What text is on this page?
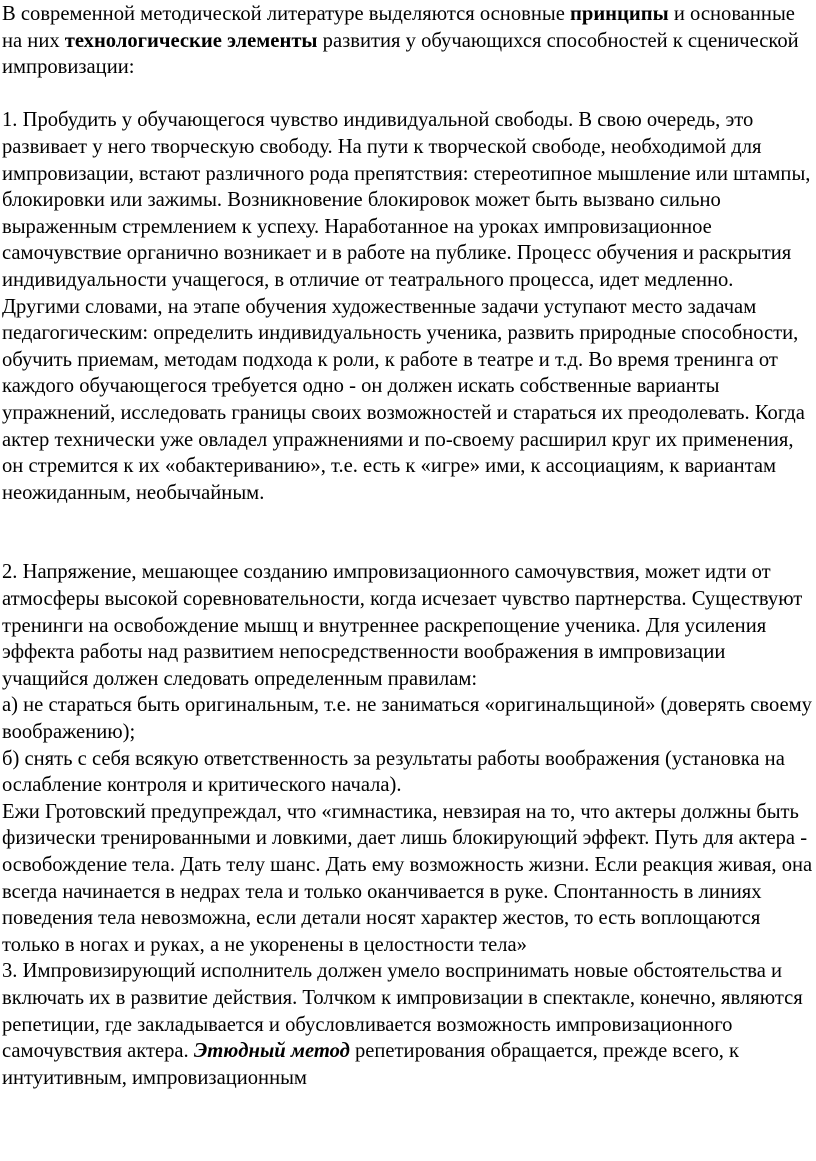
В современной методической литературе выделяются основные принципы и основанные на них технологические элементы развития у обучающихся способностей к сценической импровизации:

1. Пробудить у обучающегося чувство индивидуальной свободы. В свою очередь, это развивает у него творческую свободу. На пути к творческой свободе, необходимой для импровизации, встают различного рода препятствия: стереотипное мышление или штампы, блокировки или зажимы. Возникновение блокировок может быть вызвано сильно выраженным стремлением к успеху. Наработанное на уроках импровизационное самочувствие органично возникает и в работе на публике. Процесс обучения и раскрытия индивидуальности учащегося, в отличие от театрального процесса, идет медленно. Другими словами, на этапе обучения художественные задачи уступают место задачам педагогическим: определить индивидуальность ученика, развить природные способности, обучить приемам, методам подхода к роли, к работе в театре и т.д. Во время тренинга от каждого обучающегося требуется одно - он должен искать собственные варианты упражнений, исследовать границы своих возможностей и стараться их преодолевать. Когда актер технически уже овладел упражнениями и по-своему расширил круг их применения, он стремится к их «обактериванию», т.е. есть к «игре» ими, к ассоциациям, к вариантам неожиданным, необычайным.

2. Напряжение, мешающее созданию импровизационного самочувствия, может идти от атмосферы высокой соревновательности, когда исчезает чувство партнерства. Существуют тренинги на освобождение мышц и внутреннее раскрепощение ученика. Для усиления эффекта работы над развитием непосредственности воображения в импровизации учащийся должен следовать определенным правилам:

а) не стараться быть оригинальным, т.е. не заниматься «оригинальщиной» (доверять своему воображению);

б) снять с себя всякую ответственность за результаты работы воображения (установка на ослабление контроля и критического начала).

Ежи Гротовский предупреждал, что «гимнастика, невзирая на то, что актеры должны быть физически тренированными и ловкими, дает лишь блокирующий эффект. Путь для актера - освобождение тела. Дать телу шанс. Дать ему возможность жизни. Если реакция живая, она всегда начинается в недрах тела и только оканчивается в руке. Спонтанность в линиях поведения тела невозможна, если детали носят характер жестов, то есть воплощаются только в ногах и руках, а не укоренены в целостности тела»

3. Импровизирующий исполнитель должен умело воспринимать новые обстоятельства и включать их в развитие действия. Толчком к импровизации в спектакле, конечно, являются репетиции, где закладывается и обусловливается возможность импровизационного самочувствия актера. Этюдный метод репетирования обращается, прежде всего, к интуитивным, импровизационным
